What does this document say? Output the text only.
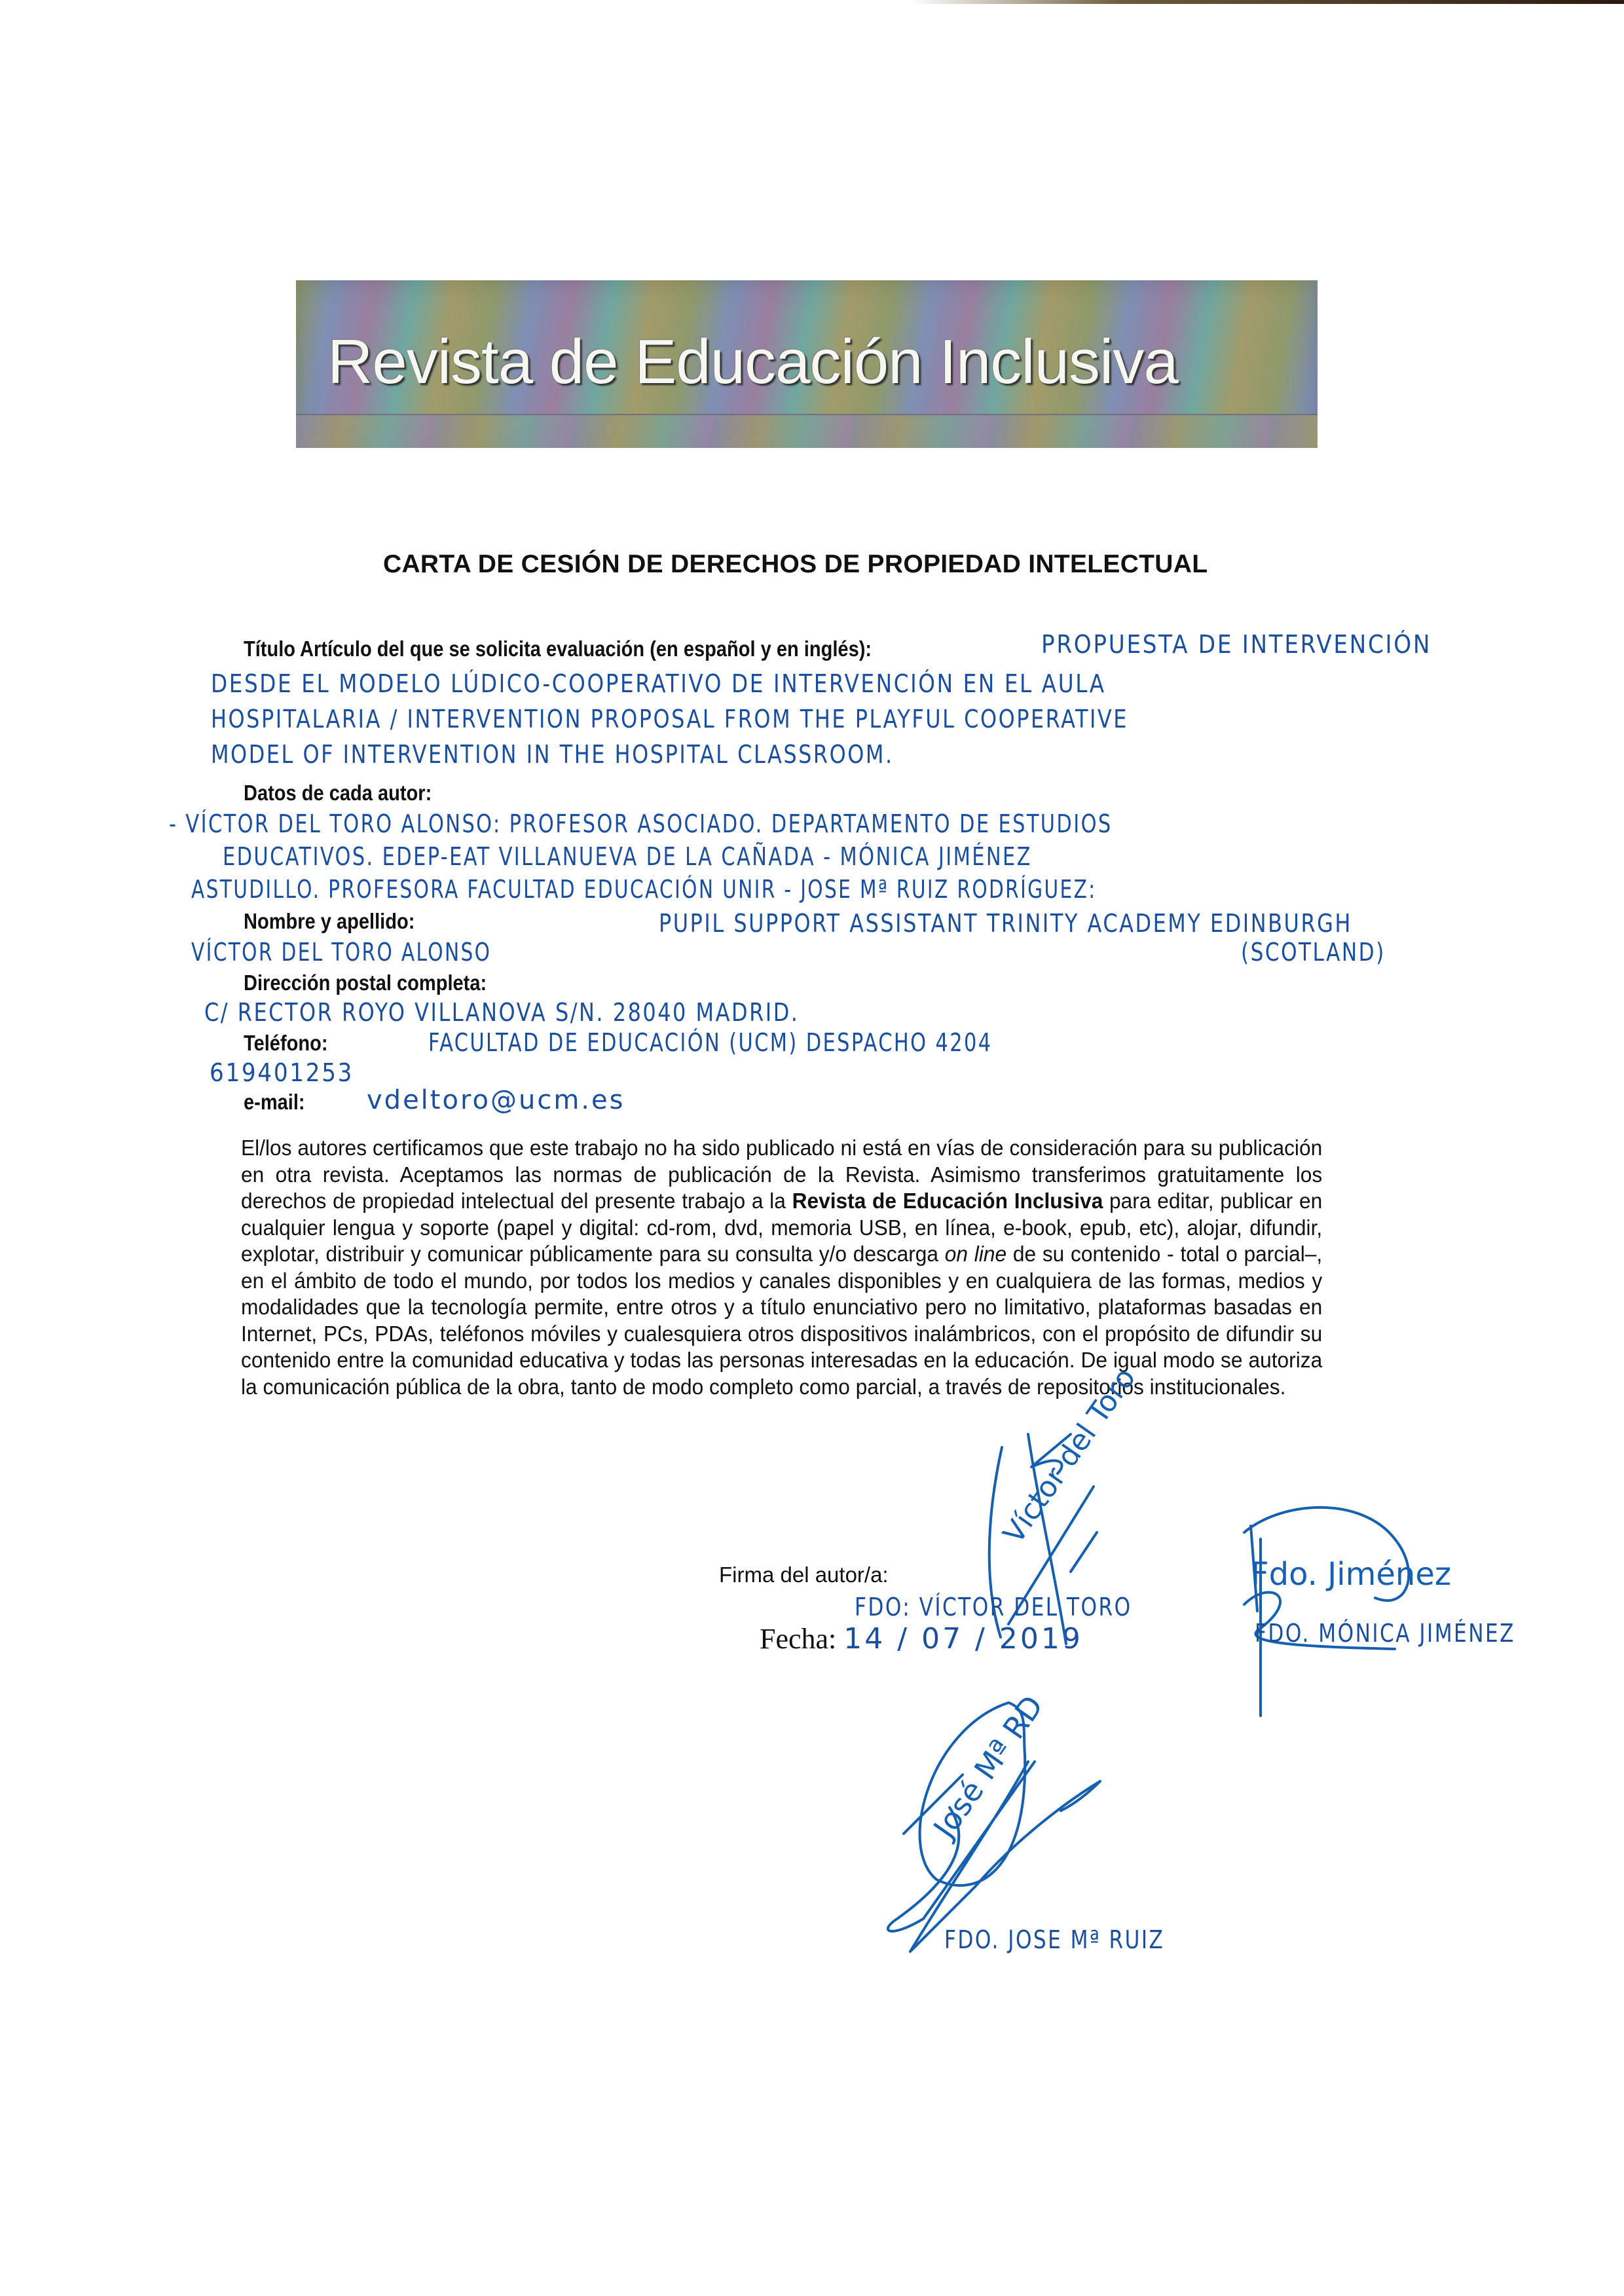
Revista de Educación Inclusiva
CARTA DE CESIÓN DE DERECHOS DE PROPIEDAD INTELECTUAL
Título Artículo del que se solicita evaluación (en español y en inglés):	PROPUESTA DE INTERVENCIÓN
DESDE EL MODELO LÚDICO-COOPERATIVO DE INTERVENCIÓN EN EL AULA
HOSPITALARIA / INTERVENTION PROPOSAL FROM THE PLAYFUL COOPERATIVE
MODEL OF INTERVENTION IN THE HOSPITAL CLASSROOM.
Datos de cada autor:
- VÍCTOR DEL TORO ALONSO: PROFESOR ASOCIADO. DEPARTAMENTO DE ESTUDIOS
EDUCATIVOS. EDEP-EAT VILLANUEVA DE LA CAÑADA - MÓNICA JIMÉNEZ
ASTUDILLO. PROFESORA FACULTAD EDUCACIÓN UNIR - JOSE Mª RUIZ RODRÍGUEZ:
Nombre y apellido:	PUPIL SUPPORT ASSISTANT TRINITY ACADEMY EDINBURGH
VÍCTOR DEL TORO ALONSO	(SCOTLAND)
Dirección postal completa:
C/ RECTOR ROYO VILLANOVA S/N. 28040 MADRID.
Teléfono:	FACULTAD DE EDUCACIÓN (UCM) DESPACHO 4204
619401253
e-mail: vdeltoro@ucm.es
El/los autores certificamos que este trabajo no ha sido publicado ni está en vías de consideración para su publicación en otra revista. Aceptamos las normas de publicación de la Revista. Asimismo transferimos gratuitamente los derechos de propiedad intelectual del presente trabajo a la Revista de Educación Inclusiva para editar, publicar en cualquier lengua y soporte (papel y digital: cd-rom, dvd, memoria USB, en línea, e-book, epub, etc), alojar, difundir, explotar, distribuir y comunicar públicamente para su consulta y/o descarga on line de su contenido - total o parcial–, en el ámbito de todo el mundo, por todos los medios y canales disponibles y en cualquiera de las formas, medios y modalidades que la tecnología permite, entre otros y a título enunciativo pero no limitativo, plataformas basadas en Internet, PCs, PDAs, teléfonos móviles y cualesquiera otros dispositivos inalámbricos, con el propósito de difundir su contenido entre la comunidad educativa y todas las personas interesadas en la educación. De igual modo se autoriza la comunicación pública de la obra, tanto de modo completo como parcial, a través de repositorios institucionales.
Firma del autor/a:
Fecha: 14 / 07 / 2019
Víctor del Toro
FDO: VÍCTOR DEL TORO
Fdo. Jiménez
FDO. MÓNICA JIMÉNEZ
José Mª RD
FDO. JOSE Mª RUIZ
